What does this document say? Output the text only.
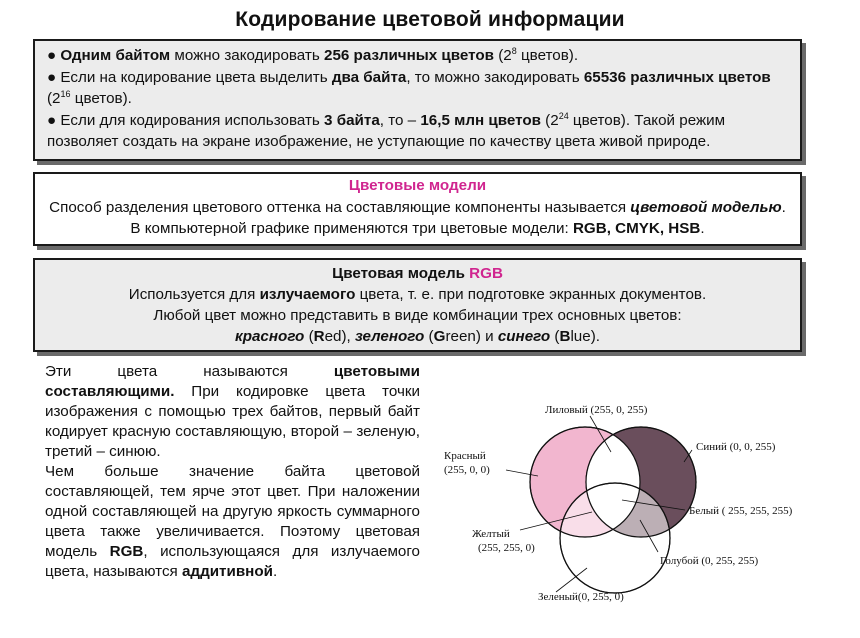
Кодирование цветовой информации
● Одним байтом можно закодировать 256 различных цветов ($2^8$ цветов).
● Если на кодирование цвета выделить два байта, то можно закодировать 65536 различных цветов ($2^{16}$ цветов).
● Если для кодирования использовать 3 байта, то – 16,5 млн цветов ($2^{24}$ цветов). Такой режим позволяет создать на экране изображение, не уступающие по качеству цвета живой природе.
Цветовые модели
Способ разделения цветового оттенка на составляющие компоненты называется цветовой моделью. В компьютерной графике применяются три цветовые модели: RGB, CMYK, HSB.
Цветовая модель RGB
Используется для излучаемого цвета, т. е. при подготовке экранных документов.
Любой цвет можно представить в виде комбинации трех основных цветов:
красного (Red), зеленого (Green) и синего (Blue).

Эти цвета называются цветовыми составляющими. При кодировке цвета точки изображения с помощью трех байтов, первый байт кодирует красную составляющую, второй – зеленую, третий – синюю.

Чем больше значение байта цветовой составляющей, тем ярче этот цвет. При наложении одной составляющей на другую яркость суммарного цвета также увеличивается. Поэтому цветовая модель RGB, использующаяся для излучаемого цвета, называются аддитивной.

Лиловый (255, 0, 255)
Красный
(255, 0, 0)
Синий (0, 0, 255)
Белый ( 255, 255, 255)
Желтый
(255, 255, 0)
Голубой (0, 255, 255)
Зеленый(0, 255, 0)
